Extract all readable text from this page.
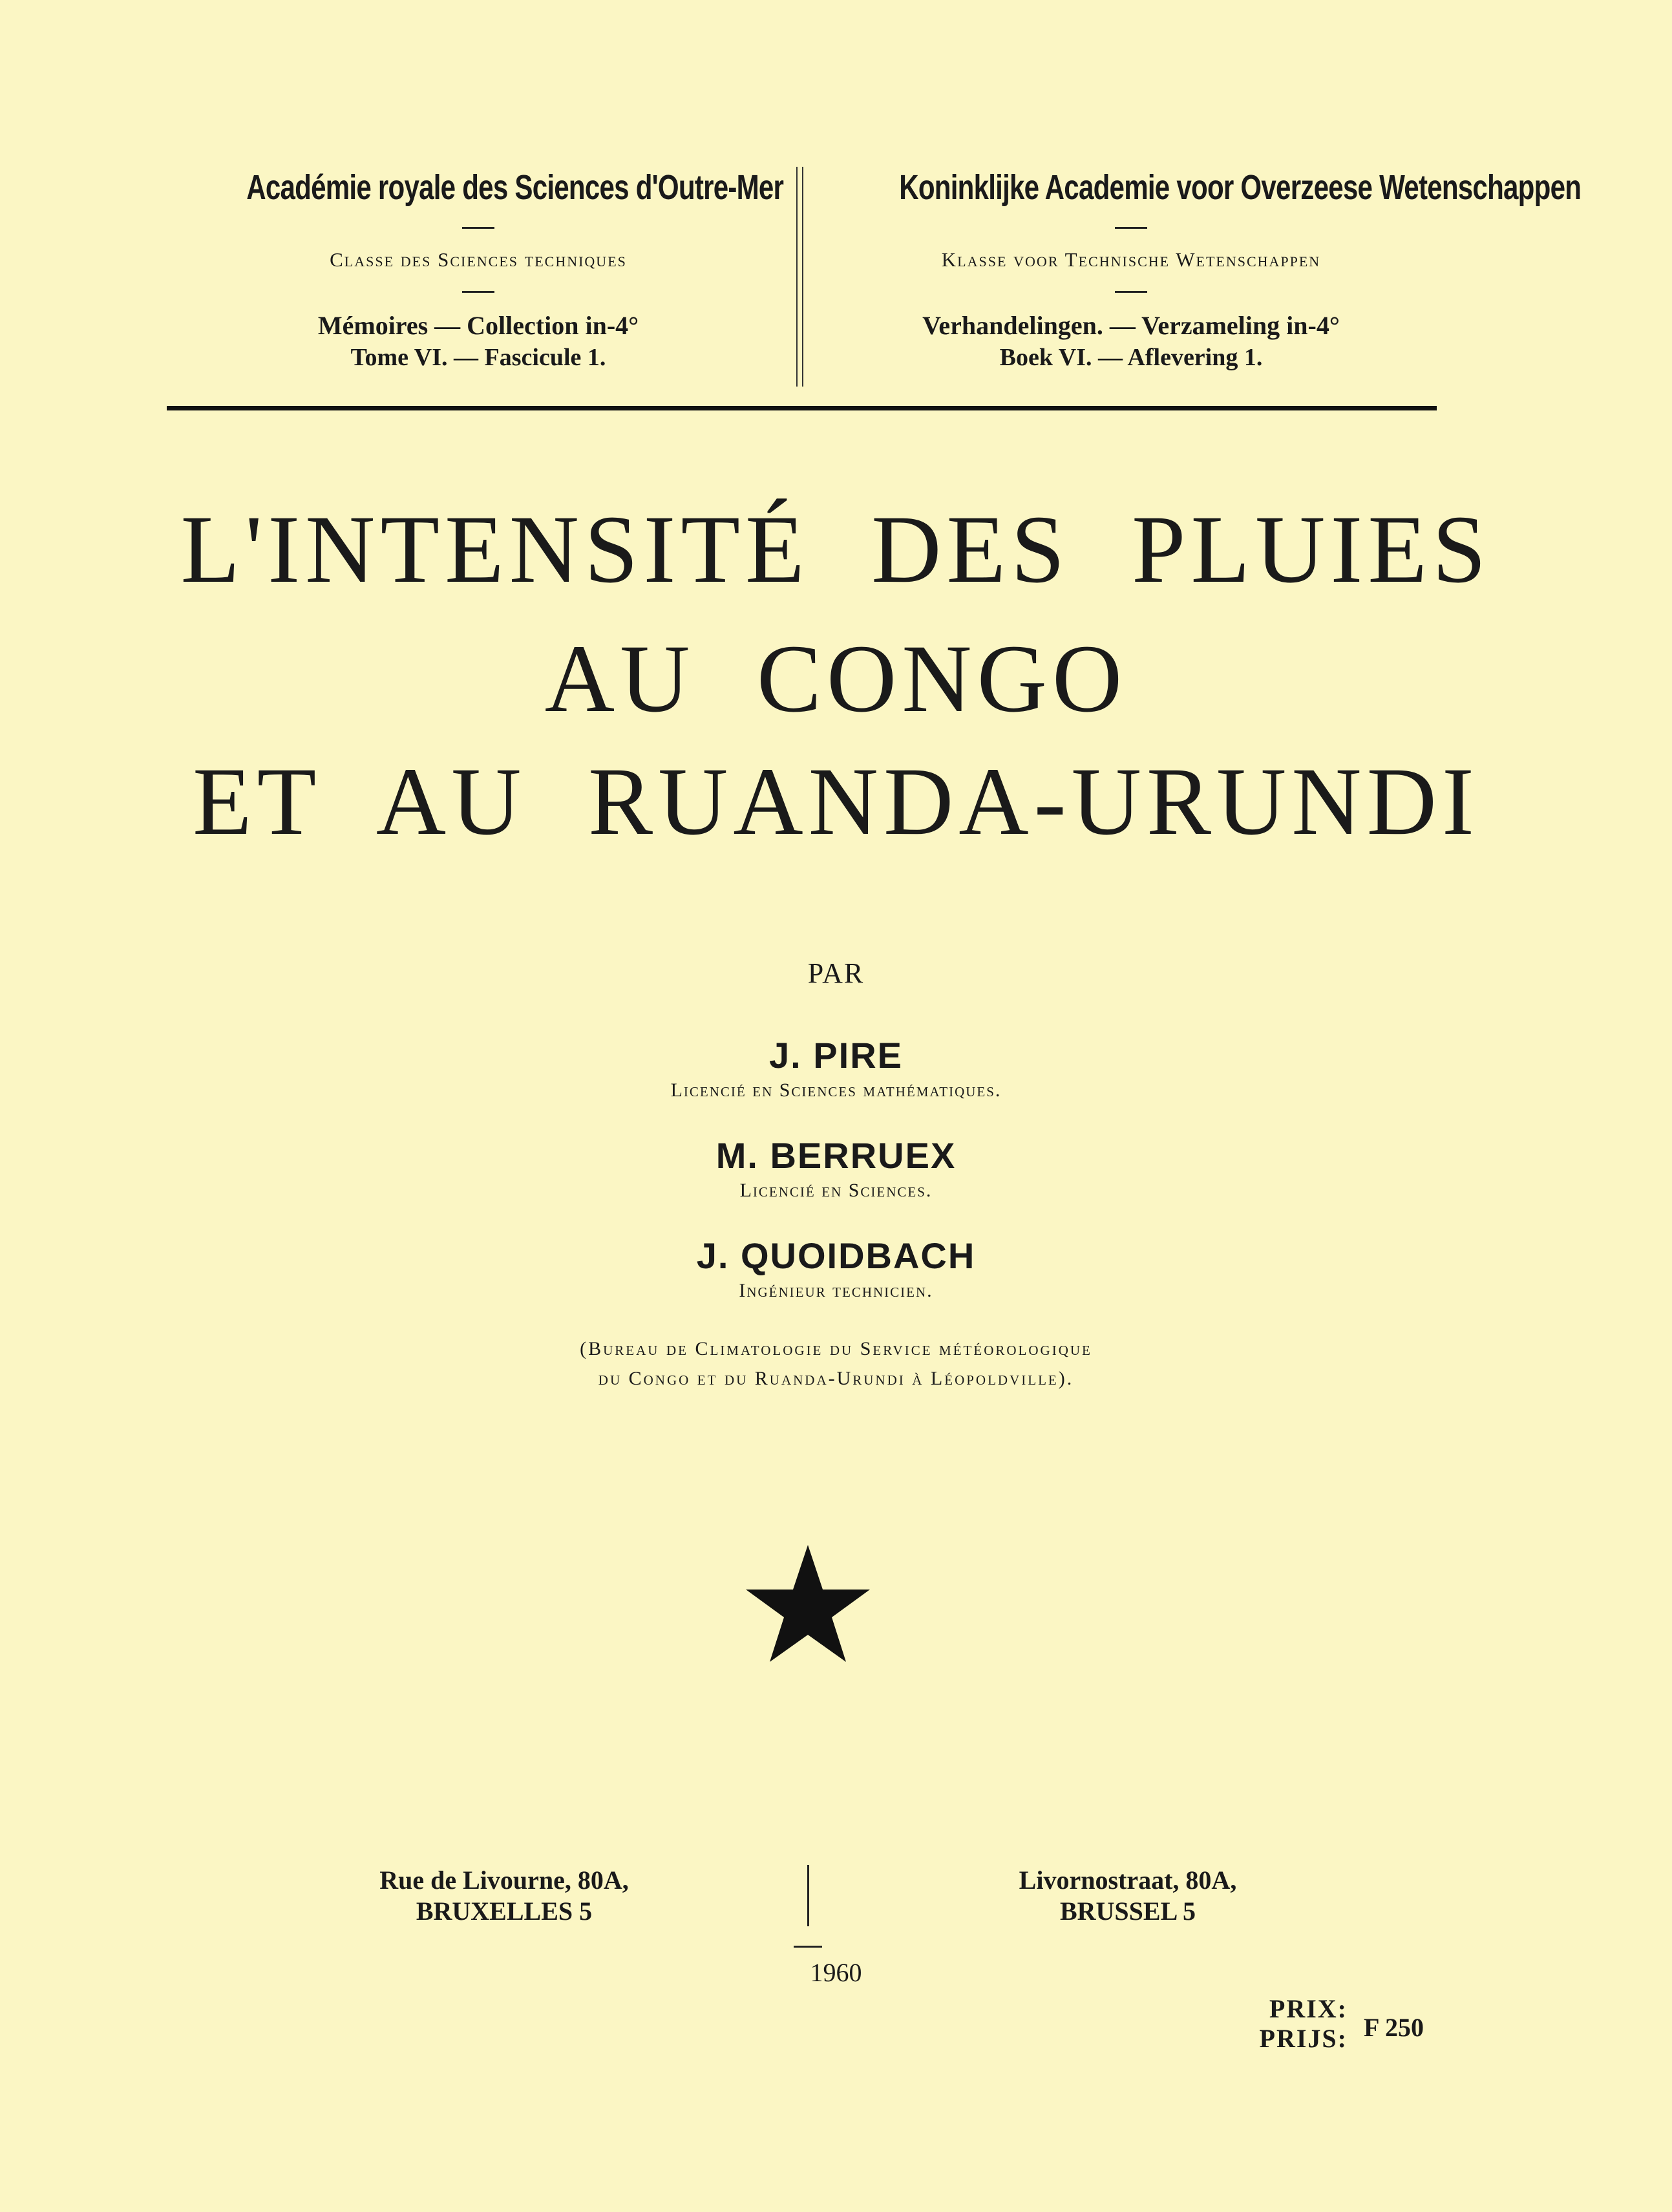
Académie royale des Sciences d'Outre-Mer
Classe des Sciences techniques
Mémoires — Collection in-4°
Tome VI. — Fascicule 1.
Koninklijke Academie voor Overzeese Wetenschappen
Klasse voor Technische Wetenschappen
Verhandelingen. — Verzameling in-4°
Boek VI. — Aflevering 1.
L'INTENSITÉ DES PLUIES
AU CONGO
ET AU RUANDA-URUNDI
PAR
J. PIRE
Licencié en Sciences mathématiques.
M. BERRUEX
Licencié en Sciences.
J. QUOIDBACH
Ingénieur technicien.
(Bureau de Climatologie du Service météorologique
du Congo et du Ruanda-Urundi à Léopoldville).
Rue de Livourne, 80A,
BRUXELLES 5
Livornostraat, 80A,
BRUSSEL 5
1960
PRIX:
PRIJS: F 250
